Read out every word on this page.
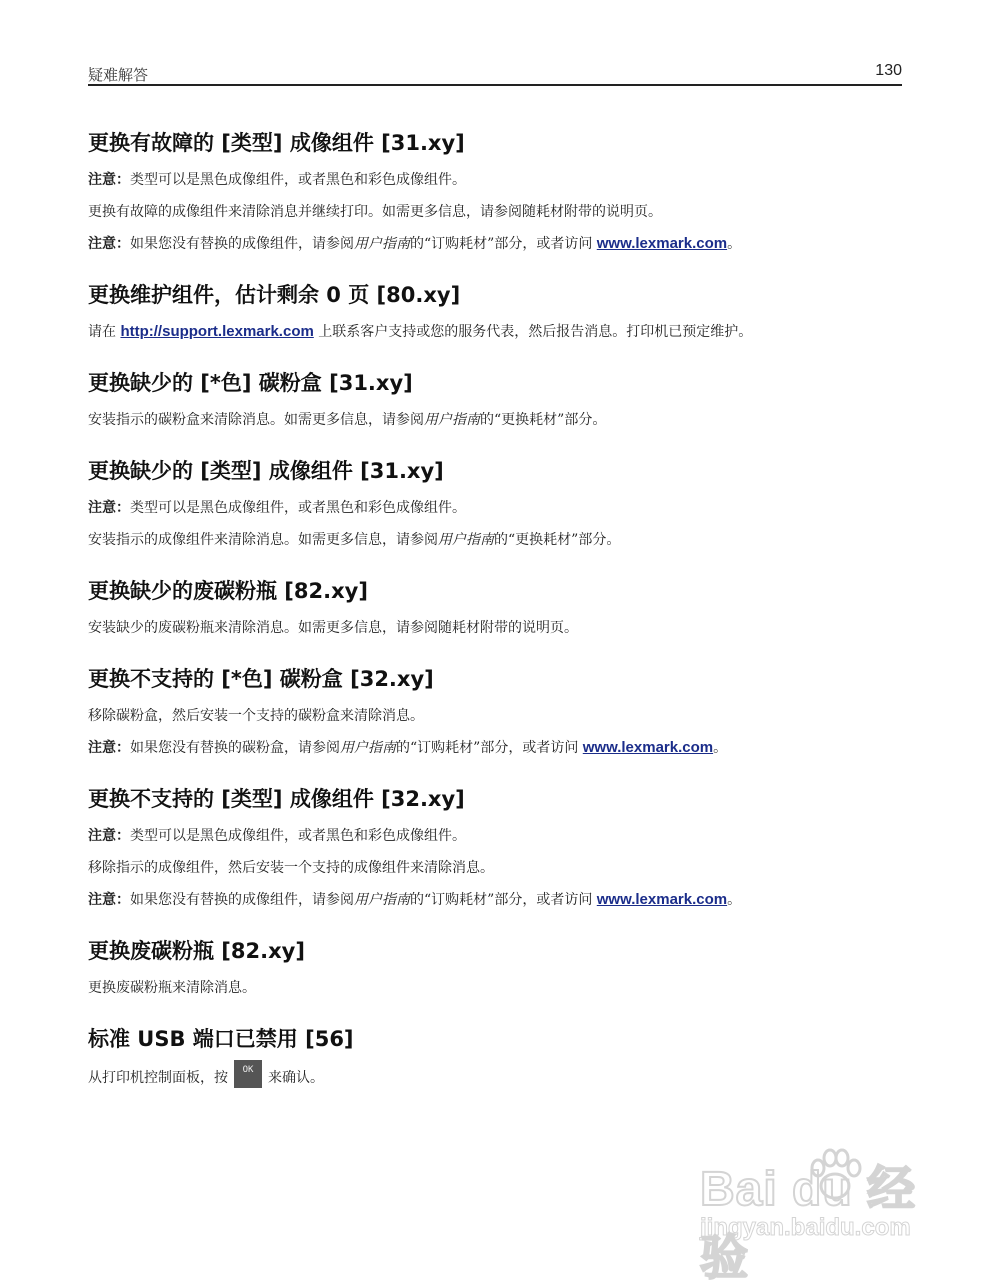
疑难解答	130
更换有故障的 [类型] 成像组件 [31.xy]

注意：类型可以是黑色成像组件，或者黑色和彩色成像组件。

更换有故障的成像组件来清除消息并继续打印。如需更多信息，请参阅随耗材附带的说明页。

注意：如果您没有替换的成像组件，请参阅用户指南的“订购耗材”部分，或者访问 www.lexmark.com。

更换维护组件，估计剩余 0 页 [80.xy]

请在 http://support.lexmark.com 上联系客户支持或您的服务代表，然后报告消息。打印机已预定维护。

更换缺少的 [*色] 碳粉盒 [31.xy]

安装指示的碳粉盒来清除消息。如需更多信息，请参阅用户指南的“更换耗材”部分。

更换缺少的 [类型] 成像组件 [31.xy]

注意：类型可以是黑色成像组件，或者黑色和彩色成像组件。

安装指示的成像组件来清除消息。如需更多信息，请参阅用户指南的“更换耗材”部分。

更换缺少的废碳粉瓶 [82.xy]

安装缺少的废碳粉瓶来清除消息。如需更多信息，请参阅随耗材附带的说明页。

更换不支持的 [*色] 碳粉盒 [32.xy]

移除碳粉盒，然后安装一个支持的碳粉盒来清除消息。

注意：如果您没有替换的碳粉盒，请参阅用户指南的“订购耗材”部分，或者访问 www.lexmark.com。

更换不支持的 [类型] 成像组件 [32.xy]

注意：类型可以是黑色成像组件，或者黑色和彩色成像组件。

移除指示的成像组件，然后安装一个支持的成像组件来清除消息。

注意：如果您没有替换的成像组件，请参阅用户指南的“订购耗材”部分，或者访问 www.lexmark.com。

更换废碳粉瓶 [82.xy]

更换废碳粉瓶来清除消息。

标准 USB 端口已禁用 [56]

从打印机控制面板，按 OK 来确认。

Bai du 经验
jingyan.baidu.com
